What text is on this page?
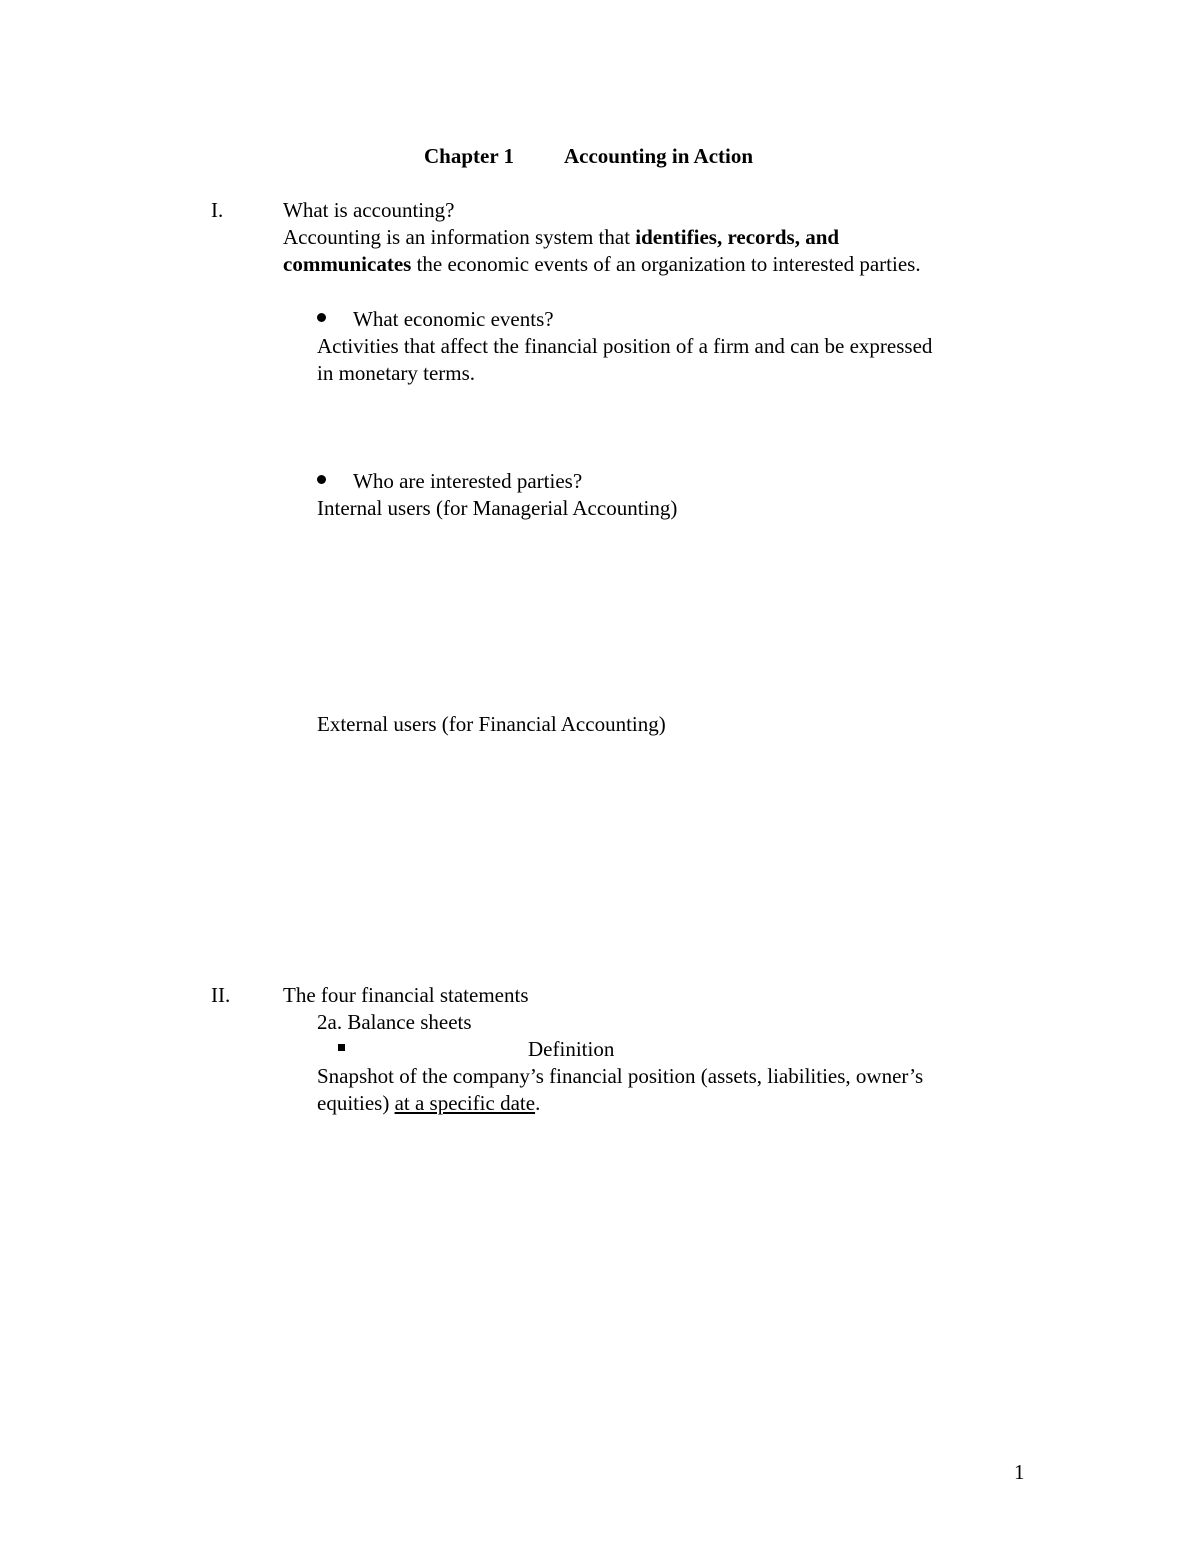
Chapter 1 Accounting in Action
I.	What is accounting?
Accounting is an information system that identifies, records, and
communicates the economic events of an organization to interested parties.
What economic events?
Activities that affect the financial position of a firm and can be expressed
in monetary terms.
Who are interested parties?
Internal users (for Managerial Accounting)
External users (for Financial Accounting)
II.	The four financial statements
2a. Balance sheets
Definition
Snapshot of the company’s financial position (assets, liabilities, owner’s
equities) at a specific date.
1
